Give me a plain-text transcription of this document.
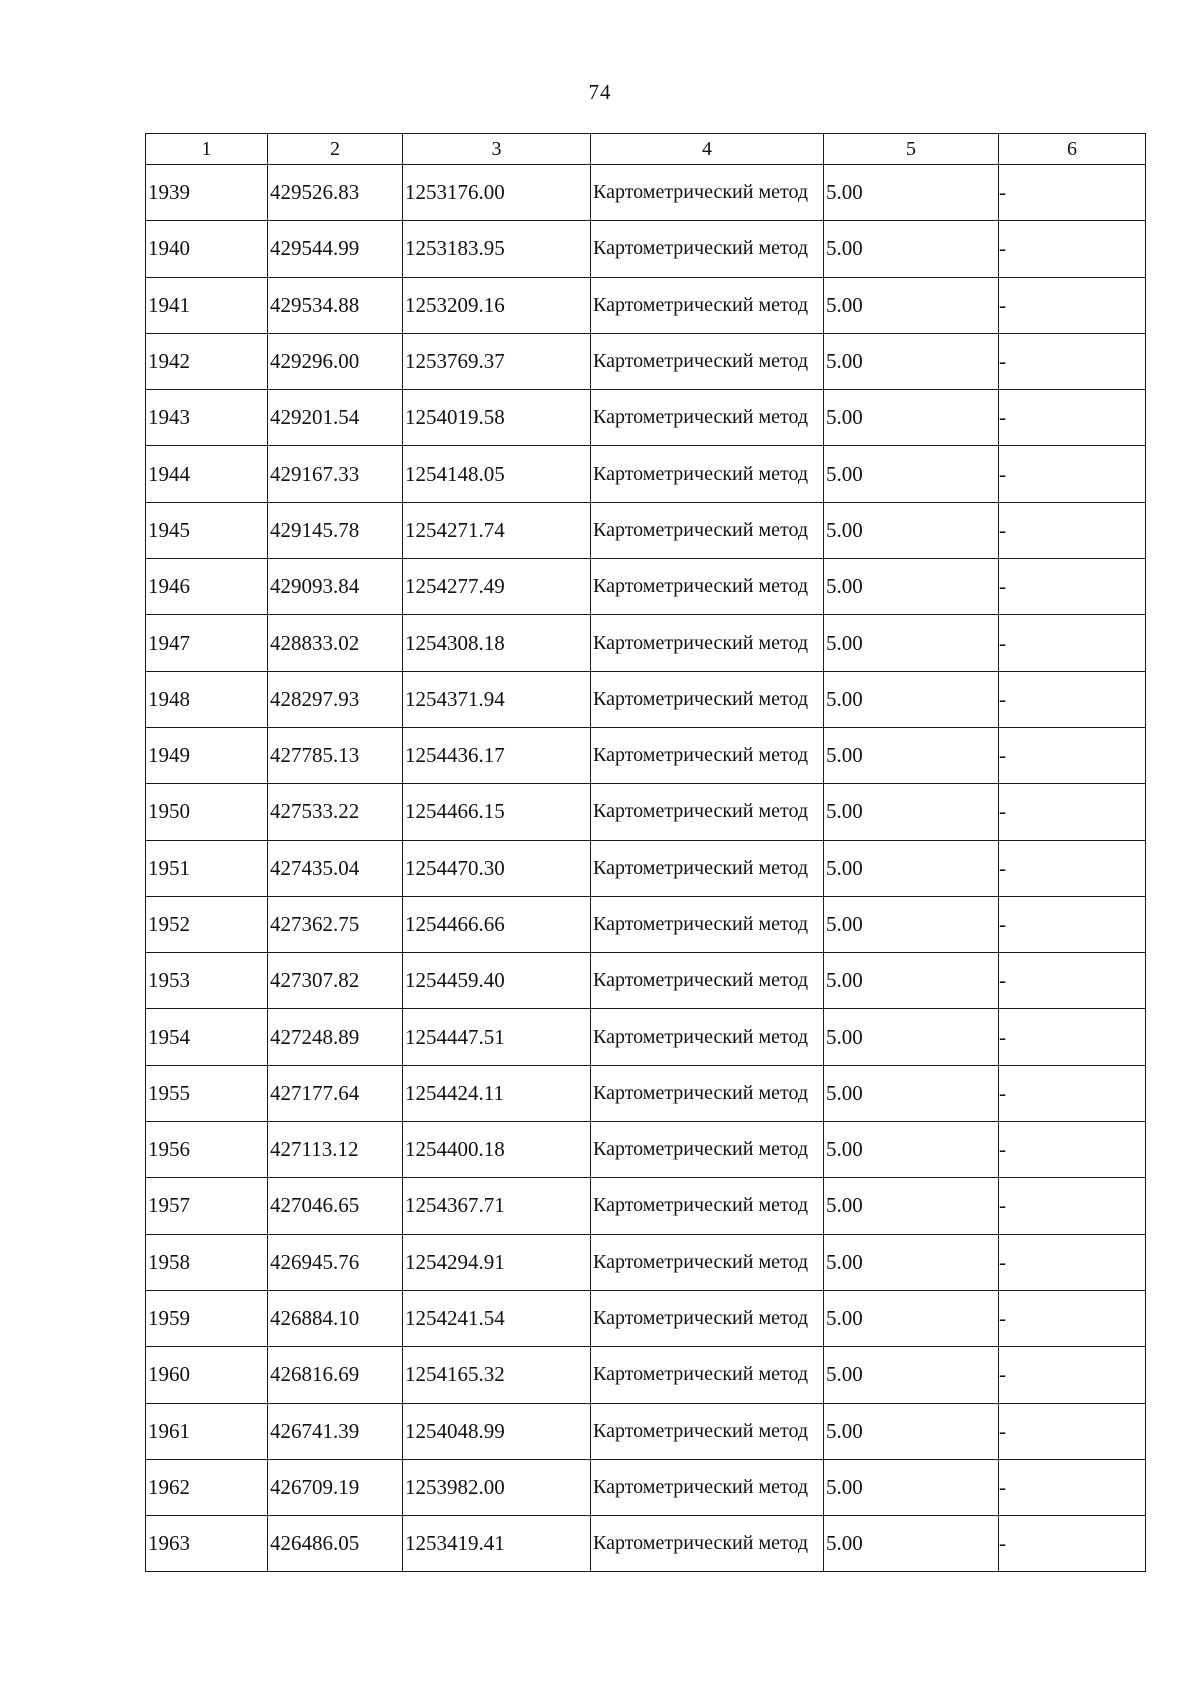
74
1	2	3	4	5	6
1939	429526.83	1253176.00	Картометрический метод	5.00	-
1940	429544.99	1253183.95	Картометрический метод	5.00	-
1941	429534.88	1253209.16	Картометрический метод	5.00	-
1942	429296.00	1253769.37	Картометрический метод	5.00	-
1943	429201.54	1254019.58	Картометрический метод	5.00	-
1944	429167.33	1254148.05	Картометрический метод	5.00	-
1945	429145.78	1254271.74	Картометрический метод	5.00	-
1946	429093.84	1254277.49	Картометрический метод	5.00	-
1947	428833.02	1254308.18	Картометрический метод	5.00	-
1948	428297.93	1254371.94	Картометрический метод	5.00	-
1949	427785.13	1254436.17	Картометрический метод	5.00	-
1950	427533.22	1254466.15	Картометрический метод	5.00	-
1951	427435.04	1254470.30	Картометрический метод	5.00	-
1952	427362.75	1254466.66	Картометрический метод	5.00	-
1953	427307.82	1254459.40	Картометрический метод	5.00	-
1954	427248.89	1254447.51	Картометрический метод	5.00	-
1955	427177.64	1254424.11	Картометрический метод	5.00	-
1956	427113.12	1254400.18	Картометрический метод	5.00	-
1957	427046.65	1254367.71	Картометрический метод	5.00	-
1958	426945.76	1254294.91	Картометрический метод	5.00	-
1959	426884.10	1254241.54	Картометрический метод	5.00	-
1960	426816.69	1254165.32	Картометрический метод	5.00	-
1961	426741.39	1254048.99	Картометрический метод	5.00	-
1962	426709.19	1253982.00	Картометрический метод	5.00	-
1963	426486.05	1253419.41	Картометрический метод	5.00	-
